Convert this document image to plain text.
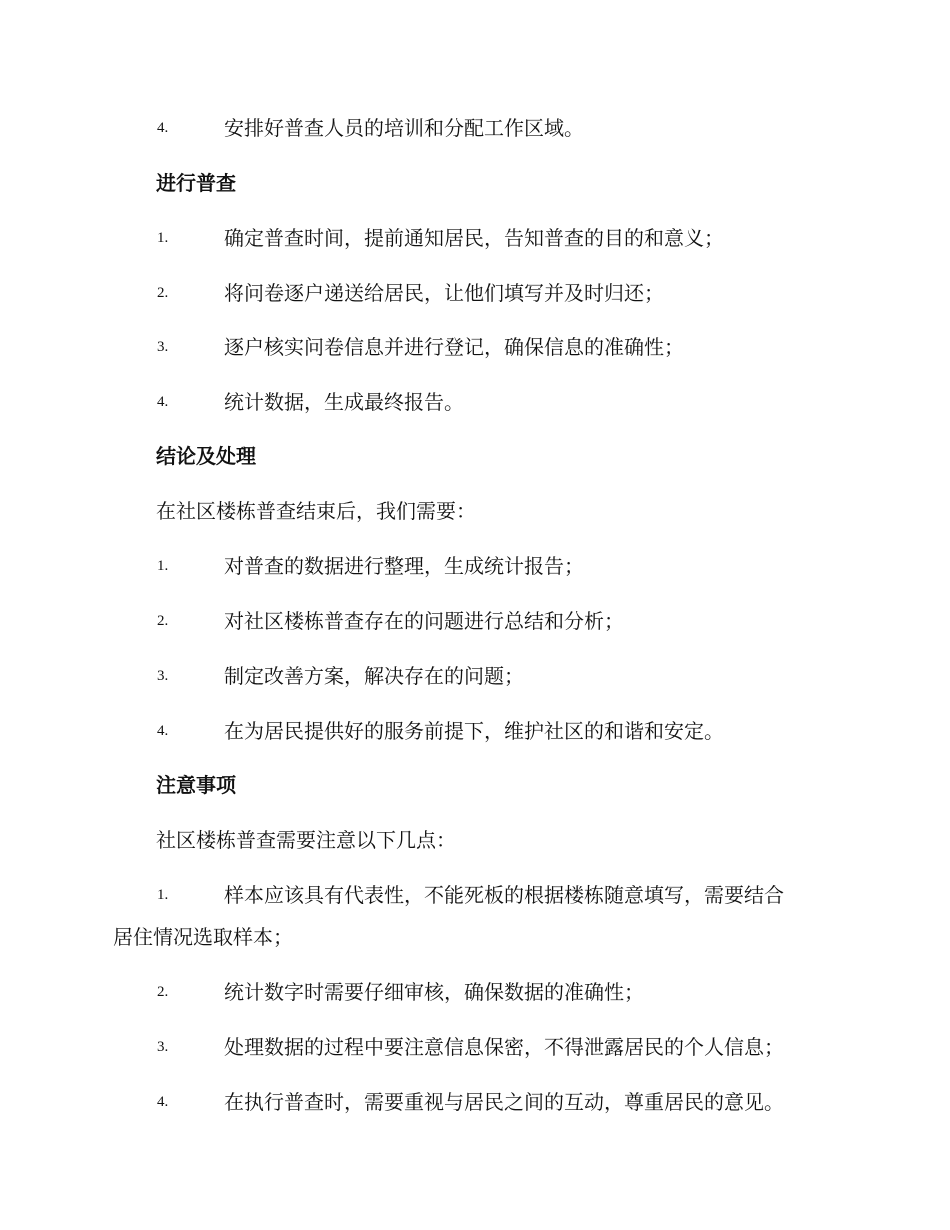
4.	安排好普查人员的培训和分配工作区域。
进行普查
1.	确定普查时间，提前通知居民，告知普查的目的和意义；
2.	将问卷逐户递送给居民，让他们填写并及时归还；
3.	逐户核实问卷信息并进行登记，确保信息的准确性；
4.	统计数据，生成最终报告。
结论及处理
在社区楼栋普查结束后，我们需要：
1.	对普查的数据进行整理，生成统计报告；
2.	对社区楼栋普查存在的问题进行总结和分析；
3.	制定改善方案，解决存在的问题；
4.	在为居民提供好的服务前提下，维护社区的和谐和安定。
注意事项
社区楼栋普查需要注意以下几点：
1.	样本应该具有代表性，不能死板的根据楼栋随意填写，需要结合
居住情况选取样本；
2.	统计数字时需要仔细审核，确保数据的准确性；
3.	处理数据的过程中要注意信息保密，不得泄露居民的个人信息；
4.	在执行普查时，需要重视与居民之间的互动，尊重居民的意见。
